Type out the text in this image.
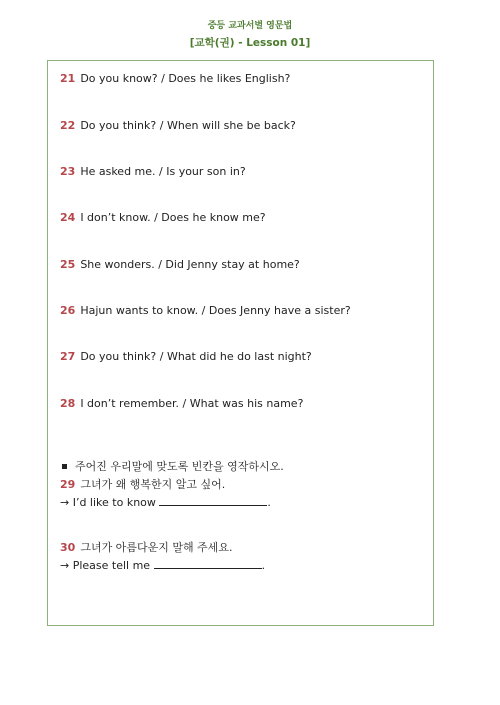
중등 교과서별 영문법
[교학(권) - Lesson 01]
21 Do you know? / Does he likes English?
22 Do you think? / When will she be back?
23 He asked me. / Is your son in?
24 I don’t know. / Does he know me?
25 She wonders. / Did Jenny stay at home?
26 Hajun wants to know. / Does Jenny have a sister?
27 Do you think? / What did he do last night?
28 I don’t remember. / What was his name?
주어진 우리말에 맞도록 빈칸을 영작하시오.
29 그녀가 왜 행복한지 알고 싶어.
→ I’d like to know	.
30 그녀가 아름다운지 말해 주세요.
→ Please tell me	.
